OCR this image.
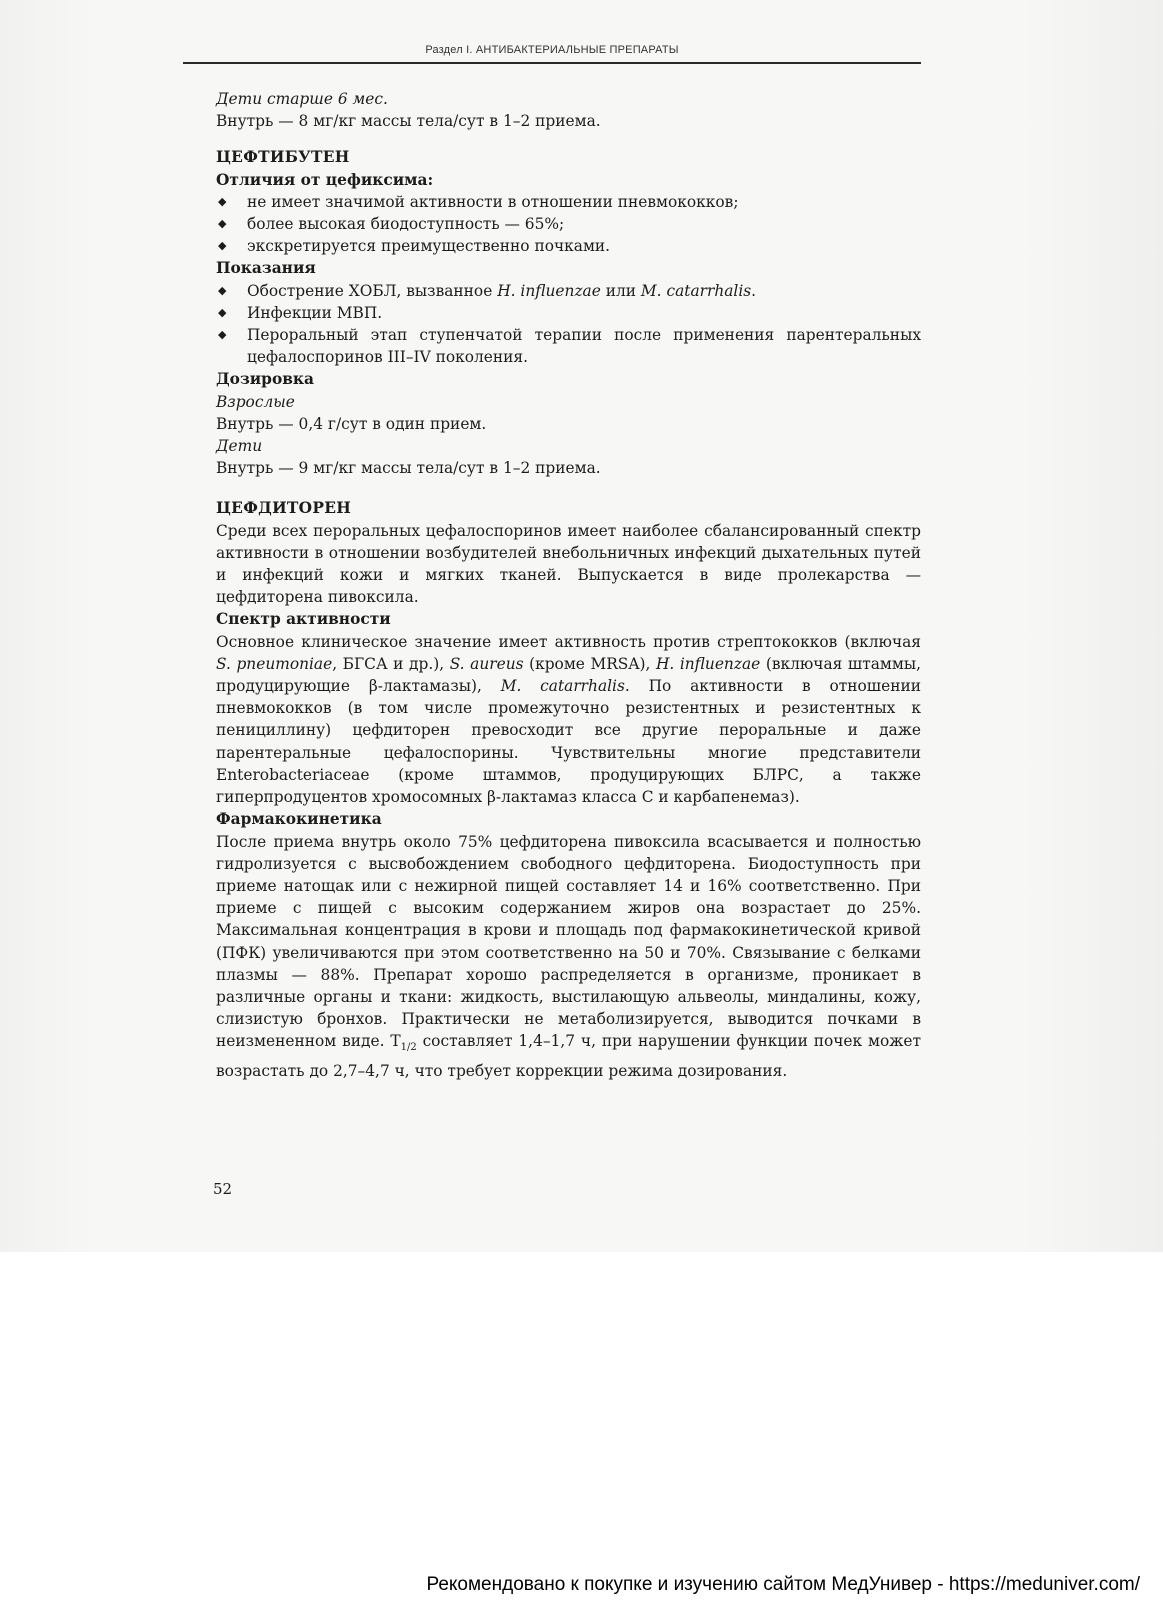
Раздел I. АНТИБАКТЕРИАЛЬНЫЕ ПРЕПАРАТЫ

Дети старше 6 мес.

Внутрь — 8 мг/кг массы тела/сут в 1–2 приема.

ЦЕФТИБУТЕН

Отличия от цефиксима:

◆ не имеет значимой активности в отношении пневмококков;
◆ более высокая биодоступность — 65%;
◆ экскретируется преимущественно почками.

Показания

◆ Обострение ХОБЛ, вызванное H. influenzae или M. catarrhalis.
◆ Инфекции МВП.
◆ Пероральный этап ступенчатой терапии после применения парентеральных цефалоспоринов III–IV поколения.

Дозировка

Взрослые

Внутрь — 0,4 г/сут в один прием.

Дети

Внутрь — 9 мг/кг массы тела/сут в 1–2 приема.

ЦЕФДИТОРЕН

Среди всех пероральных цефалоспоринов имеет наиболее сбалансированный спектр активности в отношении возбудителей внебольничных инфекций дыхательных путей и инфекций кожи и мягких тканей. Выпускается в виде пролекарства — цефдиторена пивоксила.

Спектр активности

Основное клиническое значение имеет активность против стрептококков (включая S. pneumoniae, БГСА и др.), S. aureus (кроме MRSA), H. influenzae (включая штаммы, продуцирующие β-лактамазы), M. catarrhalis. По активности в отношении пневмококков (в том числе промежуточно резистентных и резистентных к пенициллину) цефдиторен превосходит все другие пероральные и даже парентеральные цефалоспорины. Чувствительны многие представители Enterobacteriaceae (кроме штаммов, продуцирующих БЛРС, а также гиперпродуцентов хромосомных β-лактамаз класса С и карбапенемаз).

Фармакокинетика

После приема внутрь около 75% цефдиторена пивоксила всасывается и полностью гидролизуется с высвобождением свободного цефдиторена. Биодоступность при приеме натощак или с нежирной пищей составляет 14 и 16% соответственно. При приеме с пищей с высоким содержанием жиров она возрастает до 25%. Максимальная концентрация в крови и площадь под фармакокинетической кривой (ПФК) увеличиваются при этом соответственно на 50 и 70%. Связывание с белками плазмы — 88%. Препарат хорошо распределяется в организме, проникает в различные органы и ткани: жидкость, выстилающую альвеолы, миндалины, кожу, слизистую бронхов. Практически не метаболизируется, выводится почками в неизмененном виде. $T_{1/2}$ составляет 1,4–1,7 ч, при нарушении функции почек может возрастать до 2,7–4,7 ч, что требует коррекции режима дозирования.

52
Рекомендовано к покупке и изучению сайтом МедУнивер - https://meduniver.com/
